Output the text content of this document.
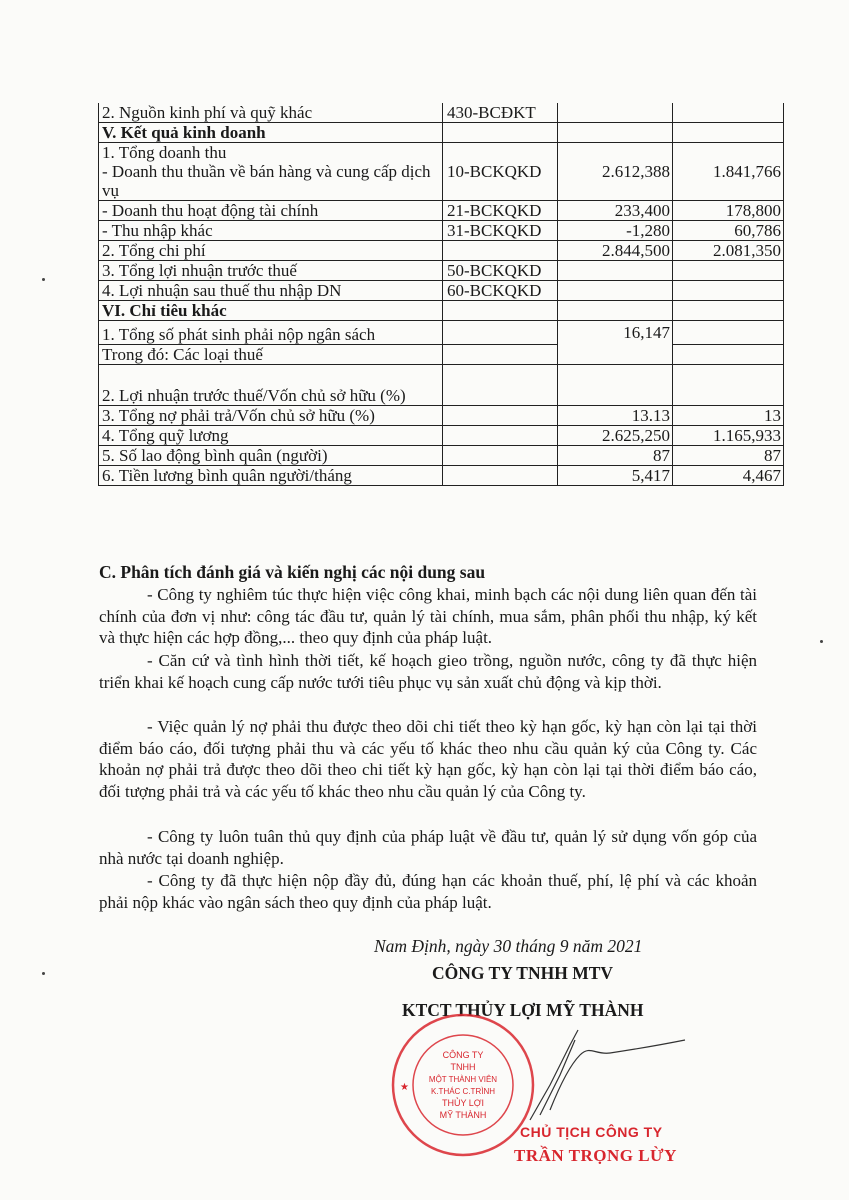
2. Nguồn kinh phí và quỹ khác	430-BCĐKT		
V. Kết quả kinh doanh			

1. Tổng doanh thu
- Doanh thu thuần về bán hàng và cung cấp dịch vụ	10-BCKQKD	2.612,388	1.841,766
- Doanh thu hoạt động tài chính	21-BCKQKD	233,400	178,800
- Thu nhập khác	31-BCKQKD	-1,280	60,786
2. Tổng chi phí		2.844,500	2.081,350
3. Tổng lợi nhuận trước thuế	50-BCKQKD		
4. Lợi nhuận sau thuế thu nhập DN	60-BCKQKD		
VI. Chỉ tiêu khác			
1. Tổng số phát sinh phải nộp ngân sách		16,147	
Trong đó: Các loại thuế			
2. Lợi nhuận trước thuế/Vốn chủ sở hữu (%)			
3. Tổng nợ phải trả/Vốn chủ sở hữu (%)		13.13	13
4. Tổng quỹ lương		2.625,250	1.165,933
5. Số lao động bình quân (người)		87	87
6. Tiền lương bình quân người/tháng		5,417	4,467
C. Phân tích đánh giá và kiến nghị các nội dung sau
- Công ty nghiêm túc thực hiện việc công khai, minh bạch các nội dung liên quan đến tài chính của đơn vị như: công tác đầu tư, quản lý tài chính, mua sắm, phân phối thu nhập, ký kết và thực hiện các hợp đồng,... theo quy định của pháp luật.
- Căn cứ và tình hình thời tiết, kế hoạch gieo trồng, nguồn nước, công ty đã thực hiện triển khai kế hoạch cung cấp nước tưới tiêu phục vụ sản xuất chủ động và kịp thời.
- Việc quản lý nợ phải thu được theo dõi chi tiết theo kỳ hạn gốc, kỳ hạn còn lại tại thời điểm báo cáo, đối tượng phải thu và các yếu tố khác theo nhu cầu quản ký của Công ty. Các khoản nợ phải trả được theo dõi theo chi tiết kỳ hạn gốc, kỳ hạn còn lại tại thời điểm báo cáo, đối tượng phải trả và các yếu tố khác theo nhu cầu quản lý của Công ty.
- Công ty luôn tuân thủ quy định của pháp luật về đầu tư, quản lý sử dụng vốn góp của nhà nước tại doanh nghiệp.
- Công ty đã thực hiện nộp đầy đủ, đúng hạn các khoản thuế, phí, lệ phí và các khoản phải nộp khác vào ngân sách theo quy định của pháp luật.
Nam Định, ngày 30 tháng 9 năm 2021
CÔNG TY TNHH MTV
KTCT THỦY LỢI MỸ THÀNH
CÔNG TY
TNHH
MỘT THÀNH VIÊN
K.THÁC C.TRÌNH
THỦY LỢI
MỸ THÀNH
★
CHỦ TỊCH CÔNG TY
TRẦN TRỌNG LỪY
